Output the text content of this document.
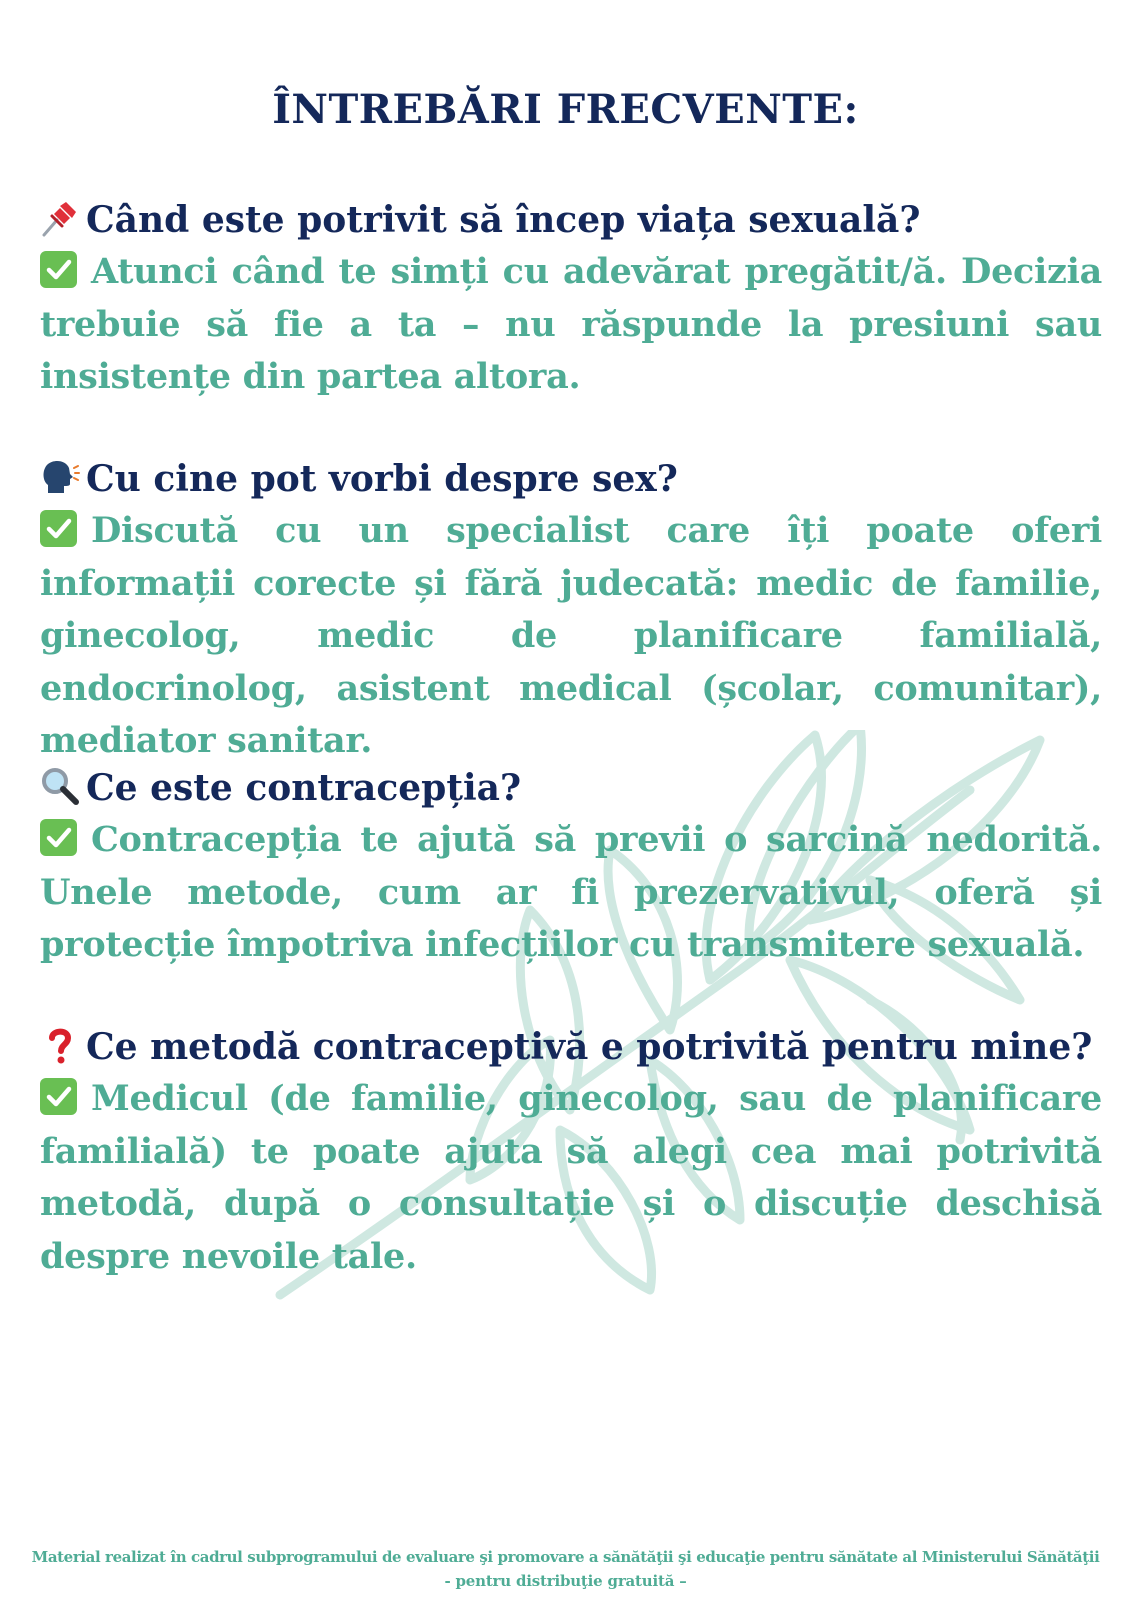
ÎNTREBĂRI FRECVENTE:

Când este potrivit să încep viața sexuală?

Atunci când te simți cu adevărat pregătit/ă. Decizia trebuie să fie a ta – nu răspunde la presiuni sau insistențe din partea altora.

Cu cine pot vorbi despre sex?

Discută cu un specialist care îți poate oferi informații corecte și fără judecată: medic de familie, ginecolog, medic de planificare familială, endocrinolog, asistent medical (școlar, comunitar), mediator sanitar.

Ce este contracepția?

Contracepția te ajută să previi o sarcină nedorită. Unele metode, cum ar fi prezervativul, oferă și protecție împotriva infecțiilor cu transmitere sexuală.

Ce metodă contraceptivă e potrivită pentru mine?

Medicul (de familie, ginecolog, sau de planificare familială) te poate ajuta să alegi cea mai potrivită metodă, după o consultație și o discuție deschisă despre nevoile tale.

Material realizat în cadrul subprogramului de evaluare şi promovare a sănătăţii şi educaţie pentru sănătate al Ministerului Sănătăţii
- pentru distribuţie gratuită –
